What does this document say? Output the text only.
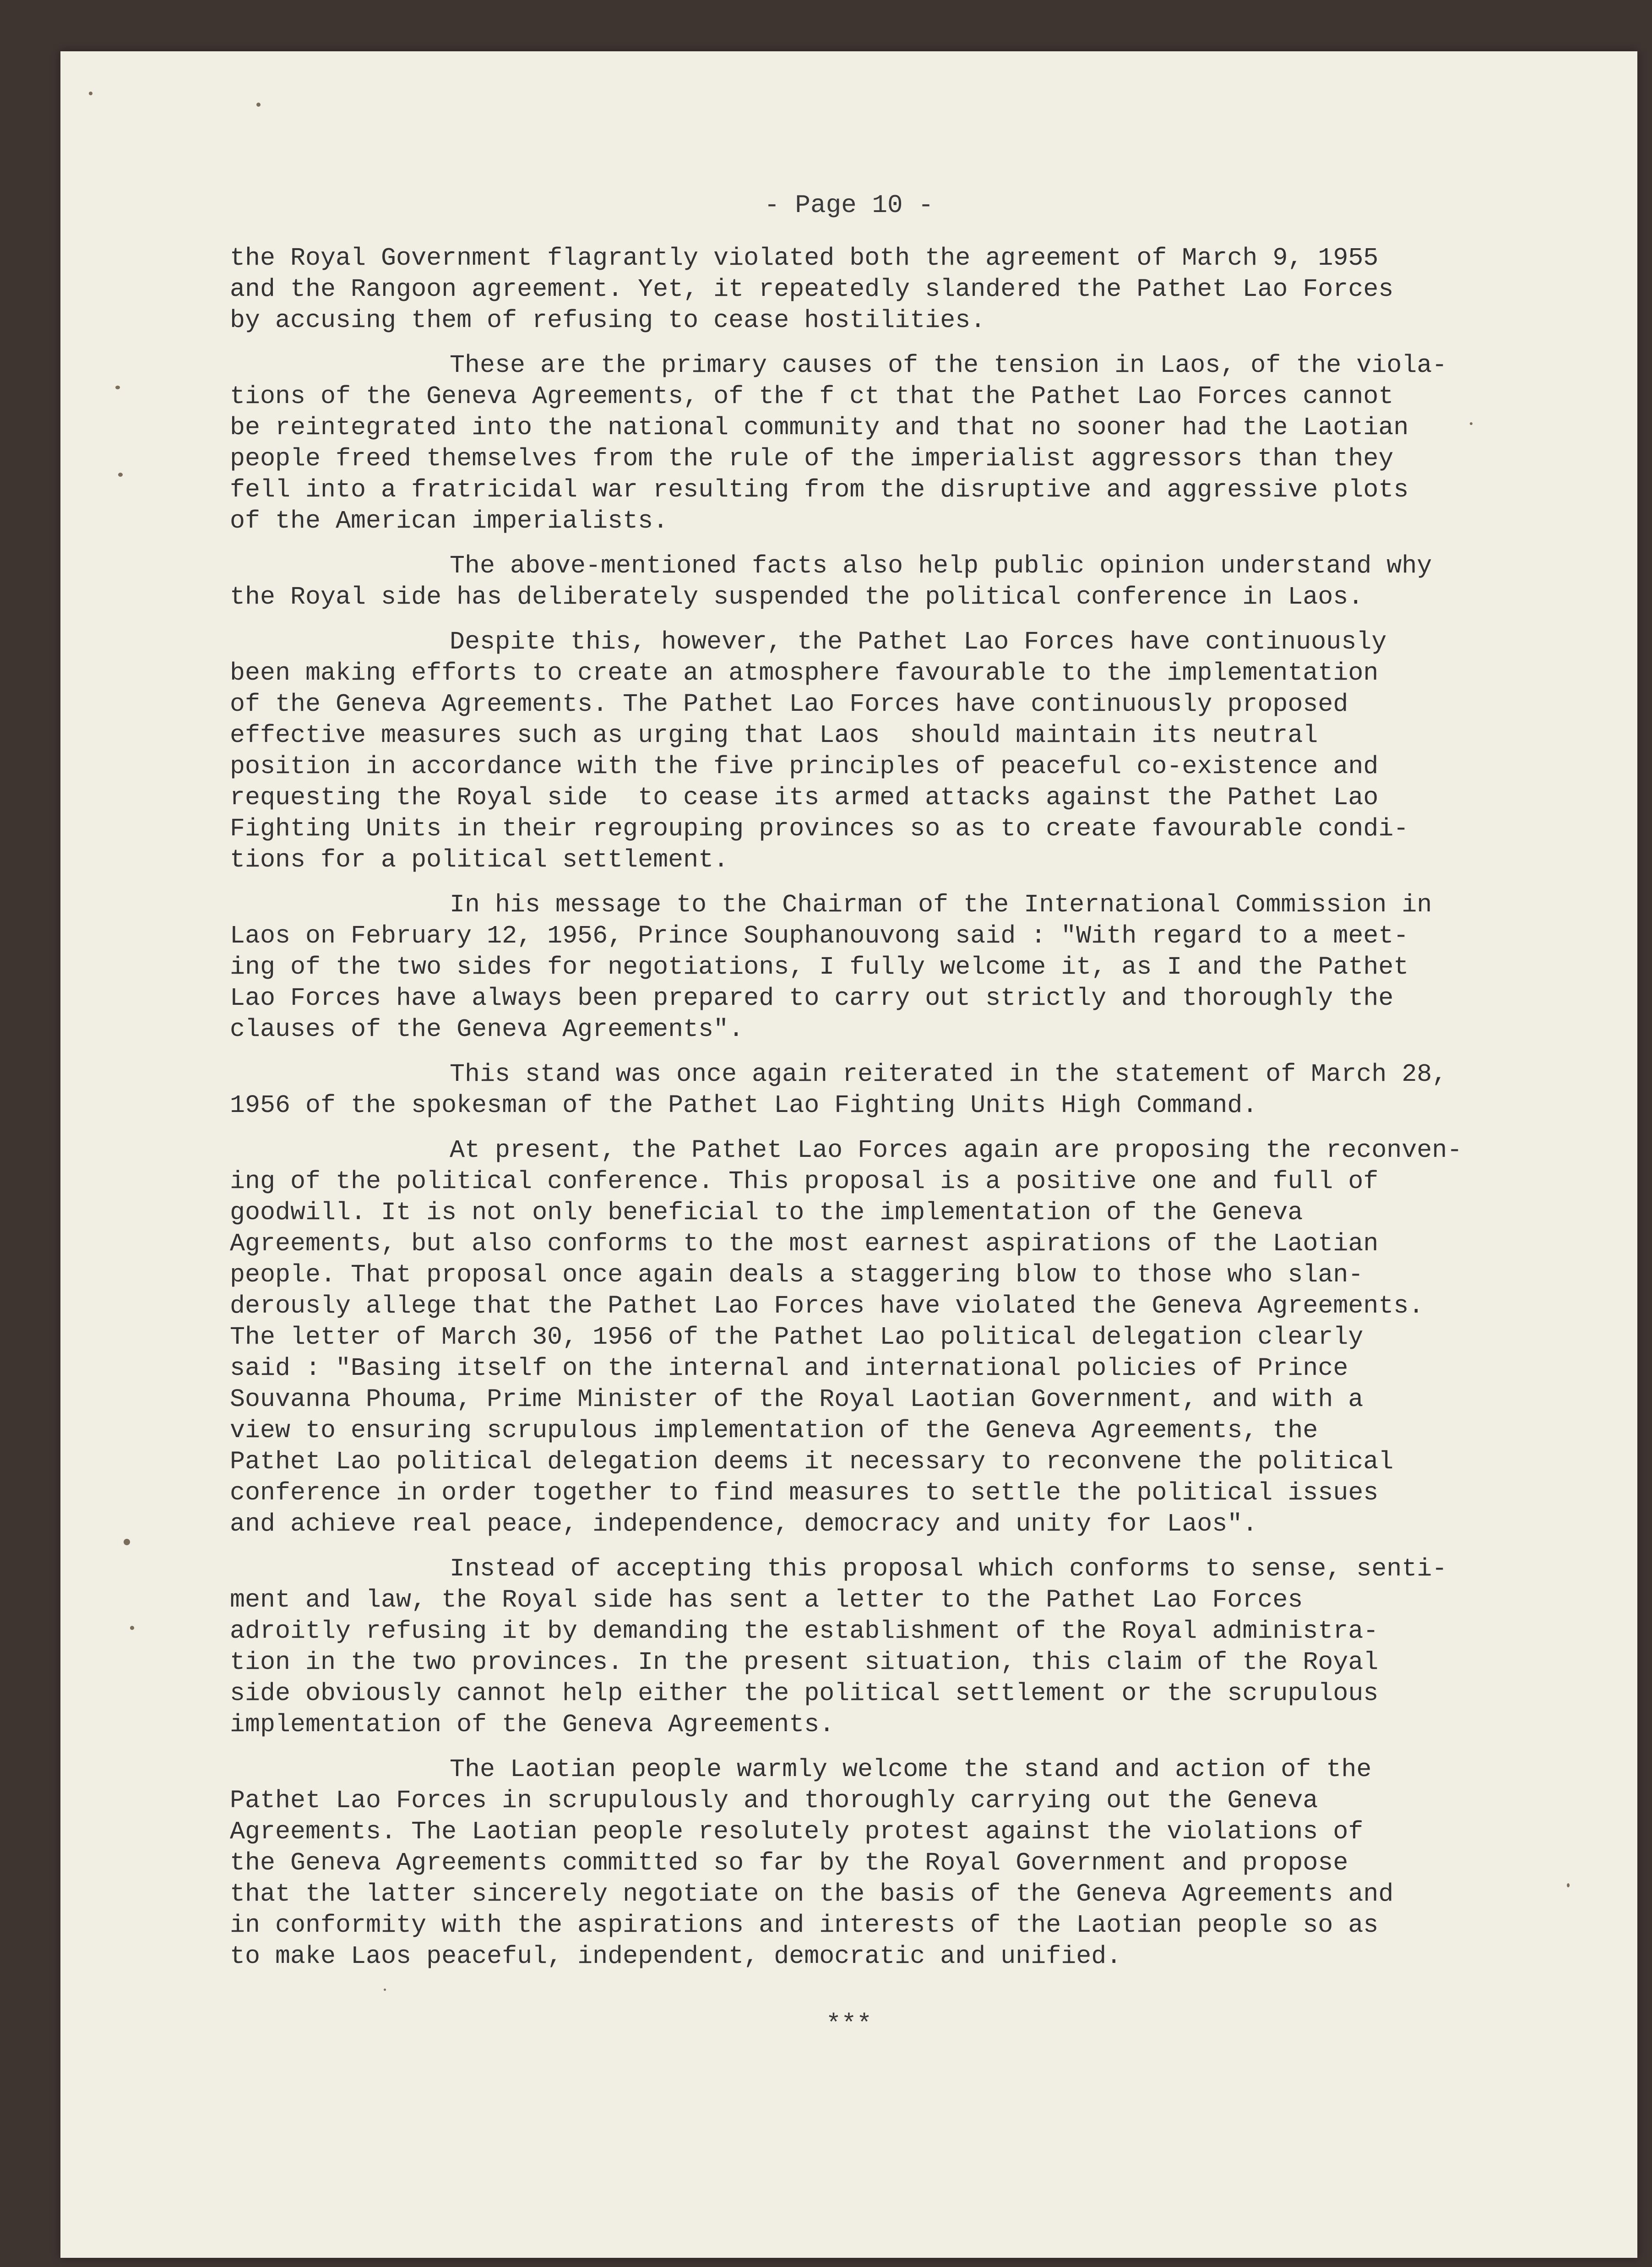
- Page 10 -
the Royal Government flagrantly violated both the agreement of March 9, 1955
and the Rangoon agreement. Yet, it repeatedly slandered the Pathet Lao Forces
by accusing them of refusing to cease hostilities.
These are the primary causes of the tension in Laos, of the viola-
tions of the Geneva Agreements, of the f ct that the Pathet Lao Forces cannot
be reintegrated into the national community and that no sooner had the Laotian
people freed themselves from the rule of the imperialist aggressors than they
fell into a fratricidal war resulting from the disruptive and aggressive plots
of the American imperialists.
The above-mentioned facts also help public opinion understand why
the Royal side has deliberately suspended the political conference in Laos.
Despite this, however, the Pathet Lao Forces have continuously
been making efforts to create an atmosphere favourable to the implementation
of the Geneva Agreements. The Pathet Lao Forces have continuously proposed
effective measures such as urging that Laos  should maintain its neutral
position in accordance with the five principles of peaceful co-existence and
requesting the Royal side  to cease its armed attacks against the Pathet Lao
Fighting Units in their regrouping provinces so as to create favourable condi-
tions for a political settlement.
In his message to the Chairman of the International Commission in
Laos on February 12, 1956, Prince Souphanouvong said : "With regard to a meet-
ing of the two sides for negotiations, I fully welcome it, as I and the Pathet
Lao Forces have always been prepared to carry out strictly and thoroughly the
clauses of the Geneva Agreements".
This stand was once again reiterated in the statement of March 28,
1956 of the spokesman of the Pathet Lao Fighting Units High Command.
At present, the Pathet Lao Forces again are proposing the reconven-
ing of the political conference. This proposal is a positive one and full of
goodwill. It is not only beneficial to the implementation of the Geneva
Agreements, but also conforms to the most earnest aspirations of the Laotian
people. That proposal once again deals a staggering blow to those who slan-
derously allege that the Pathet Lao Forces have violated the Geneva Agreements.
The letter of March 30, 1956 of the Pathet Lao political delegation clearly
said : "Basing itself on the internal and international policies of Prince
Souvanna Phouma, Prime Minister of the Royal Laotian Government, and with a
view to ensuring scrupulous implementation of the Geneva Agreements, the
Pathet Lao political delegation deems it necessary to reconvene the political
conference in order together to find measures to settle the political issues
and achieve real peace, independence, democracy and unity for Laos".
Instead of accepting this proposal which conforms to sense, senti-
ment and law, the Royal side has sent a letter to the Pathet Lao Forces
adroitly refusing it by demanding the establishment of the Royal administra-
tion in the two provinces. In the present situation, this claim of the Royal
side obviously cannot help either the political settlement or the scrupulous
implementation of the Geneva Agreements.
The Laotian people warmly welcome the stand and action of the
Pathet Lao Forces in scrupulously and thoroughly carrying out the Geneva
Agreements. The Laotian people resolutely protest against the violations of
the Geneva Agreements committed so far by the Royal Government and propose
that the latter sincerely negotiate on the basis of the Geneva Agreements and
in conformity with the aspirations and interests of the Laotian people so as
to make Laos peaceful, independent, democratic and unified.
***
